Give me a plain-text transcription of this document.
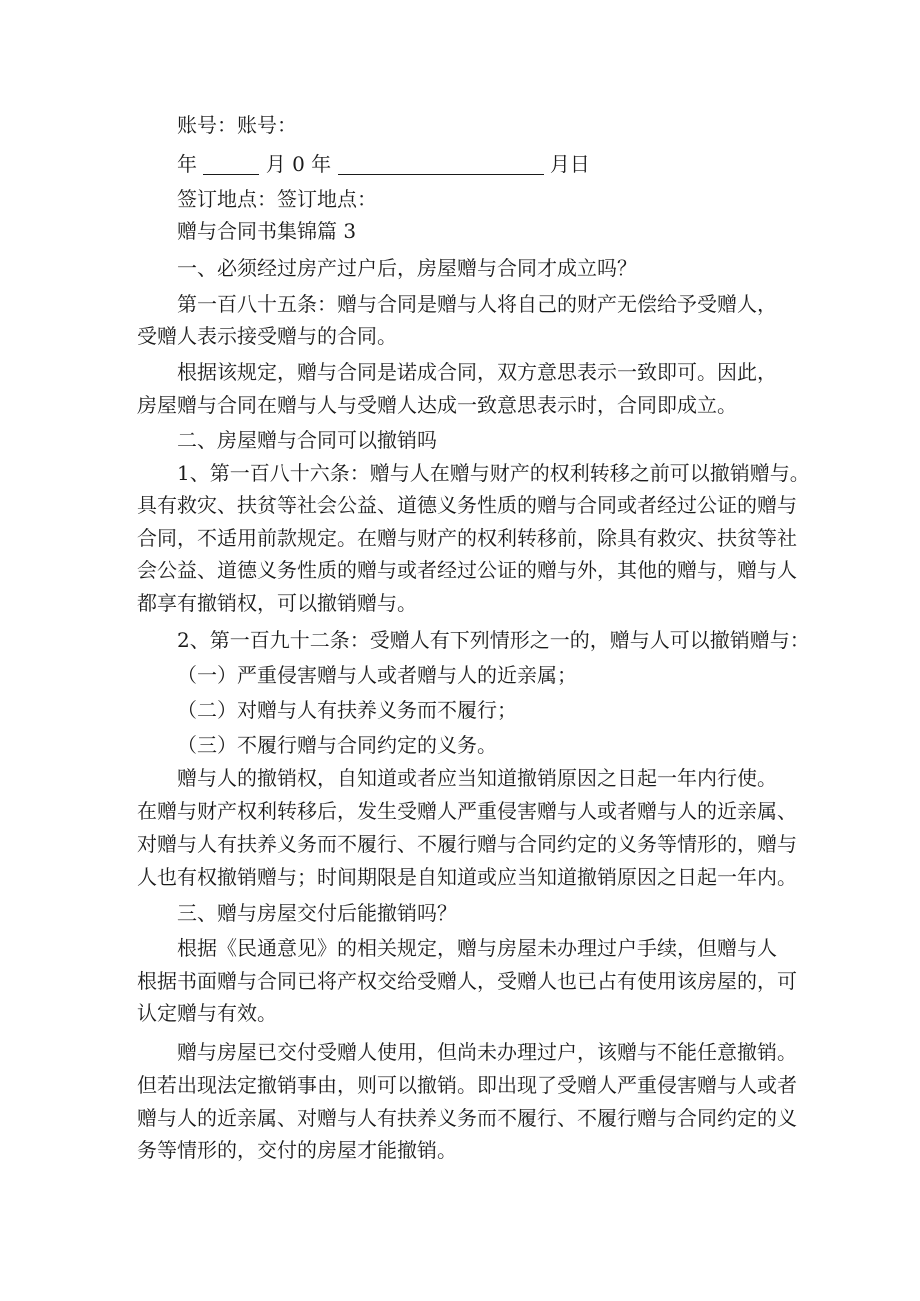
账号：账号：
年	月 0 年	月日
签订地点：签订地点：
赠与合同书集锦篇 3
一、必须经过房产过户后，房屋赠与合同才成立吗？
第一百八十五条：赠与合同是赠与人将自己的财产无偿给予受赠人，
受赠人表示接受赠与的合同。
根据该规定，赠与合同是诺成合同，双方意思表示一致即可。因此，
房屋赠与合同在赠与人与受赠人达成一致意思表示时，合同即成立。
二、房屋赠与合同可以撤销吗
1、第一百八十六条：赠与人在赠与财产的权利转移之前可以撤销赠与。
具有救灾、扶贫等社会公益、道德义务性质的赠与合同或者经过公证的赠与
合同，不适用前款规定。在赠与财产的权利转移前，除具有救灾、扶贫等社
会公益、道德义务性质的赠与或者经过公证的赠与外，其他的赠与，赠与人
都享有撤销权，可以撤销赠与。
2、第一百九十二条：受赠人有下列情形之一的，赠与人可以撤销赠与：
（一）严重侵害赠与人或者赠与人的近亲属；
（二）对赠与人有扶养义务而不履行；
（三）不履行赠与合同约定的义务。
赠与人的撤销权，自知道或者应当知道撤销原因之日起一年内行使。
在赠与财产权利转移后，发生受赠人严重侵害赠与人或者赠与人的近亲属、
对赠与人有扶养义务而不履行、不履行赠与合同约定的义务等情形的，赠与
人也有权撤销赠与；时间期限是自知道或应当知道撤销原因之日起一年内。
三、赠与房屋交付后能撤销吗？
根据《民通意见》的相关规定，赠与房屋未办理过户手续，但赠与人
根据书面赠与合同已将产权交给受赠人，受赠人也已占有使用该房屋的，可
认定赠与有效。
赠与房屋已交付受赠人使用，但尚未办理过户，该赠与不能任意撤销。
但若出现法定撤销事由，则可以撤销。即出现了受赠人严重侵害赠与人或者
赠与人的近亲属、对赠与人有扶养义务而不履行、不履行赠与合同约定的义
务等情形的，交付的房屋才能撤销。
